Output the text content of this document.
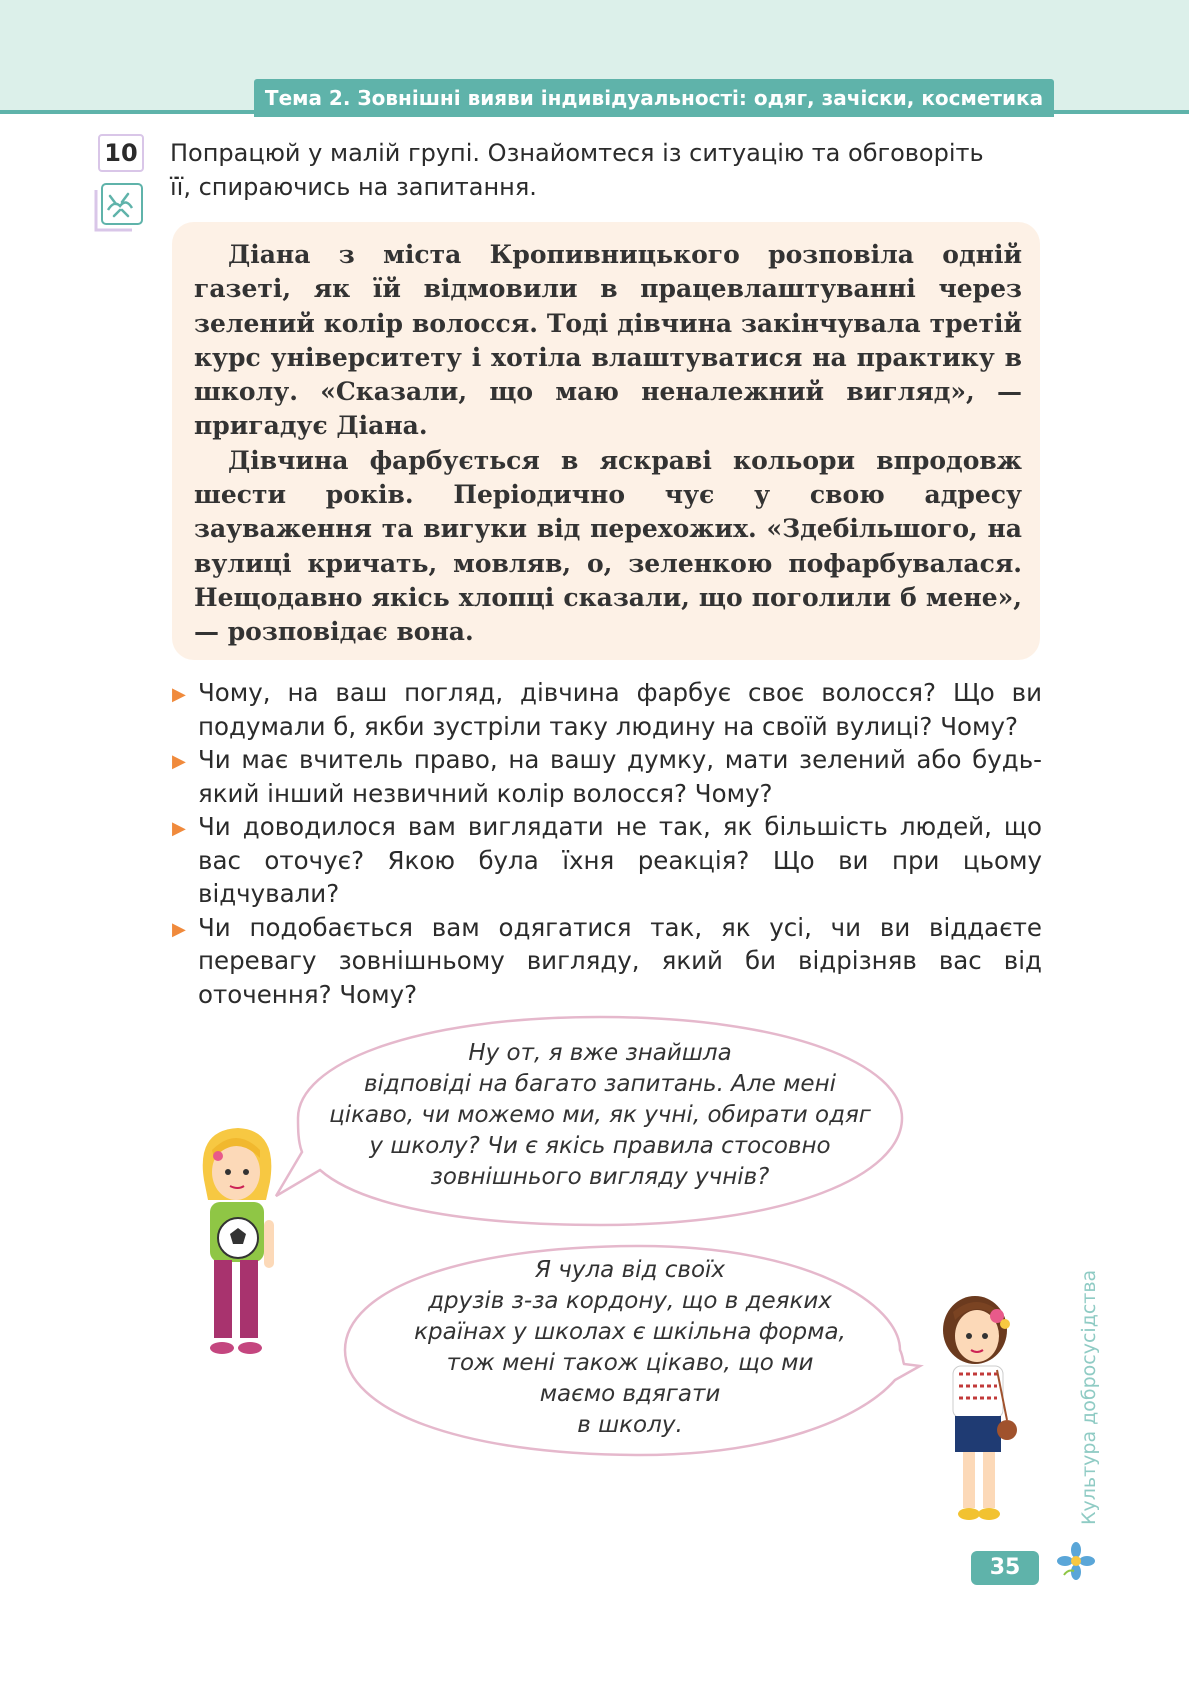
Тема 2. Зовнішні вияви індивідуальності: одяг, зачіски, косметика
10 Попрацюй у малій групі. Ознайомтеся із ситуацію та обговоріть
її, спираючись на запитання.

Діана з міста Кропивницького розповіла одній газеті, як їй відмовили в працевлаштуванні через зелений колір волосся. Тоді дівчина закінчувала третій курс університету і хотіла влаштуватися на практику в школу. «Сказали, що маю неналежний вигляд», — пригадує Діана.

Дівчина фарбується в яскраві кольори впродовж шести років. Періодично чує у свою адресу зауваження та вигуки від перехожих. «Здебільшого, на вулиці кричать, мовляв, о, зеленкою пофарбувалася. Нещодавно якісь хлопці сказали, що поголили б мене», — розповідає вона.

▶ Чому, на ваш погляд, дівчина фарбує своє волосся? Що ви подумали б, якби зустріли таку людину на своїй вулиці? Чому?
▶ Чи має вчитель право, на вашу думку, мати зелений або будь-який інший незвичний колір волосся? Чому?
▶ Чи доводилося вам виглядати не так, як більшість людей, що вас оточує? Якою була їхня реакція? Що ви при цьому відчували?
▶ Чи подобається вам одягатися так, як усі, чи ви віддаєте перевагу зовнішньому вигляду, який би відрізняв вас від оточення? Чому?
Ну от, я вже знайшла
відповіді на багато запитань. Але мені
цікаво, чи можемо ми, як учні, обирати одяг
у школу? Чи є якісь правила стосовно
зовнішнього вигляду учнів?
Я чула від своїх
друзів з-за кордону, що в деяких
країнах у школах є шкільна форма,
тож мені також цікаво, що ми
маємо вдягати
в школу.	Культура добросусідства
35
